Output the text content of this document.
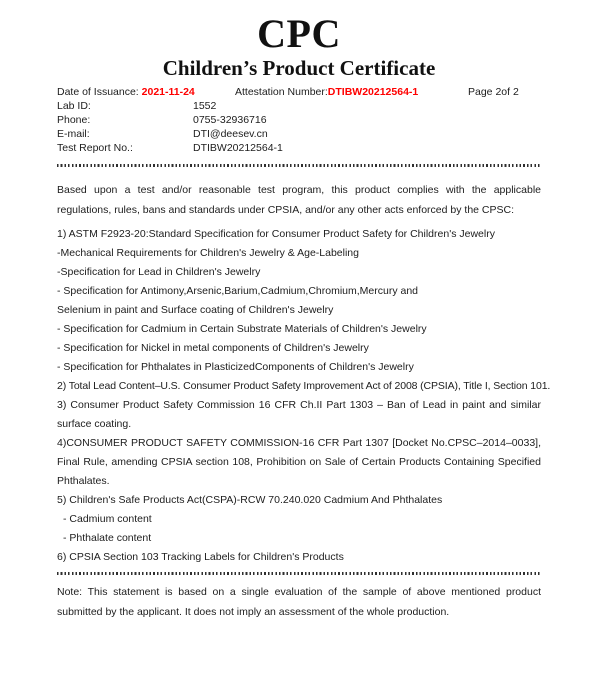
CPC
Children’s Product Certificate
Date of Issuance: 2021-11-24	Attestation Number:DTIBW20212564-1	Page 2of 2
Lab ID:	1552
Phone:	0755-32936716
E-mail:	DTI@deesev.cn
Test Report No.:	DTIBW20212564-1

Based upon a test and/or reasonable test program, this product complies with the applicable regulations, rules, bans and standards under CPSIA, and/or any other acts enforced by the CPSC:

1) ASTM F2923-20:Standard Specification for Consumer Product Safety for Children's Jewelry
-Mechanical Requirements for Children's Jewelry & Age-Labeling
-Specification for Lead in Children's Jewelry
- Specification for Antimony,Arsenic,Barium,Cadmium,Chromium,Mercury and
Selenium in paint and Surface coating of Children's Jewelry
- Specification for Cadmium in Certain Substrate Materials of Children's Jewelry
- Specification for Nickel in metal components of Children's Jewelry
- Specification for Phthalates in PlasticizedComponents of Children's Jewelry
2) Total Lead Content–U.S. Consumer Product Safety Improvement Act of 2008 (CPSIA), Title I, Section 101.
3) Consumer Product Safety Commission 16 CFR Ch.II Part 1303 – Ban of Lead in paint and similar surface coating.
4)CONSUMER PRODUCT SAFETY COMMISSION-16 CFR Part 1307 [Docket No.CPSC–2014–0033], Final Rule, amending CPSIA section 108, Prohibition on Sale of Certain Products Containing Specified Phthalates.
5) Children's Safe Products Act(CSPA)-RCW 70.240.020 Cadmium And Phthalates
- Cadmium content
- Phthalate content
6) CPSIA Section 103 Tracking Labels for Children's Products

Note: This statement is based on a single evaluation of the sample of above mentioned product submitted by the applicant. It does not imply an assessment of the whole production.
